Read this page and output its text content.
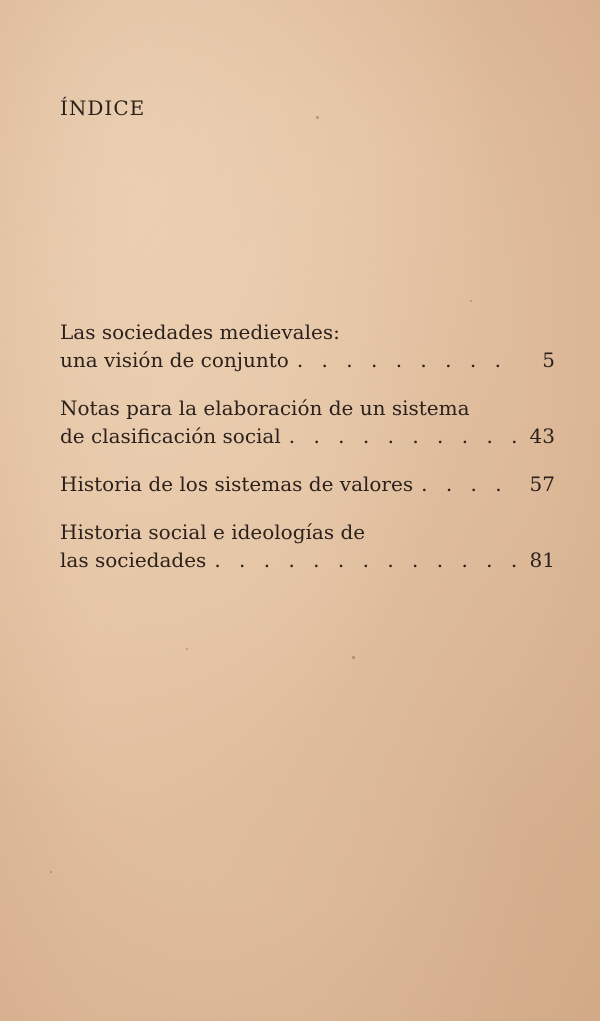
ÍNDICE
Las sociedades medievales:
una visión de conjunto . . .	5
Notas para la elaboración de un sistema
de clasificación social . . .	43
Historia de los sistemas de valores . . .	57
Historia social e ideologías de
las sociedades . . .	81
